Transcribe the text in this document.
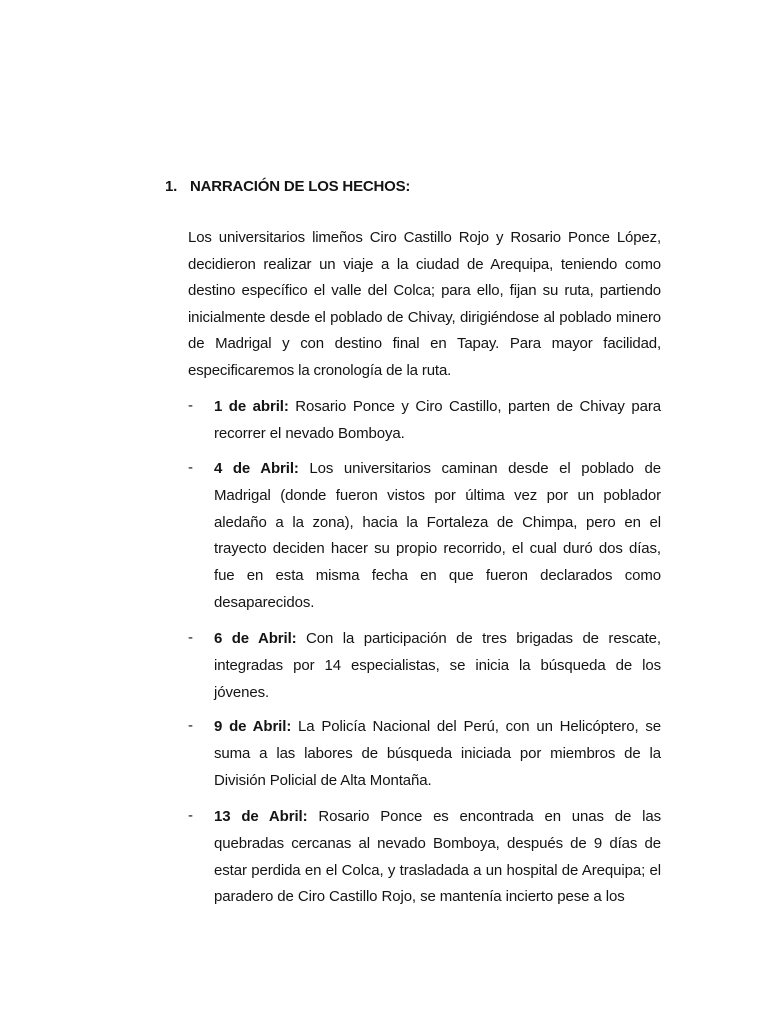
1. NARRACIÓN DE LOS HECHOS:
Los universitarios limeños Ciro Castillo Rojo y Rosario Ponce López, decidieron realizar un viaje a la ciudad de Arequipa, teniendo como destino específico el valle del Colca; para ello, fijan su ruta, partiendo inicialmente desde el poblado de Chivay, dirigiéndose al poblado minero de Madrigal y con destino final en Tapay. Para mayor facilidad, especificaremos la cronología de la ruta.
-	1 de abril: Rosario Ponce y Ciro Castillo, parten de Chivay para recorrer el nevado Bomboya.
-	4 de Abril: Los universitarios caminan desde el poblado de Madrigal (donde fueron vistos por última vez por un poblador aledaño a la zona), hacia la Fortaleza de Chimpa, pero en el trayecto deciden hacer su propio recorrido, el cual duró dos días, fue en esta misma fecha en que fueron declarados como desaparecidos.
-	6 de Abril: Con la participación de tres brigadas de rescate, integradas por 14 especialistas, se inicia la búsqueda de los jóvenes.
-	9 de Abril: La Policía Nacional del Perú, con un Helicóptero, se suma a las labores de búsqueda iniciada por miembros de la División Policial de Alta Montaña.
-	13 de Abril: Rosario Ponce es encontrada en unas de las quebradas cercanas al nevado Bomboya, después de 9 días de estar perdida en el Colca, y trasladada a un hospital de Arequipa; el paradero de Ciro Castillo Rojo, se mantenía incierto pese a los
